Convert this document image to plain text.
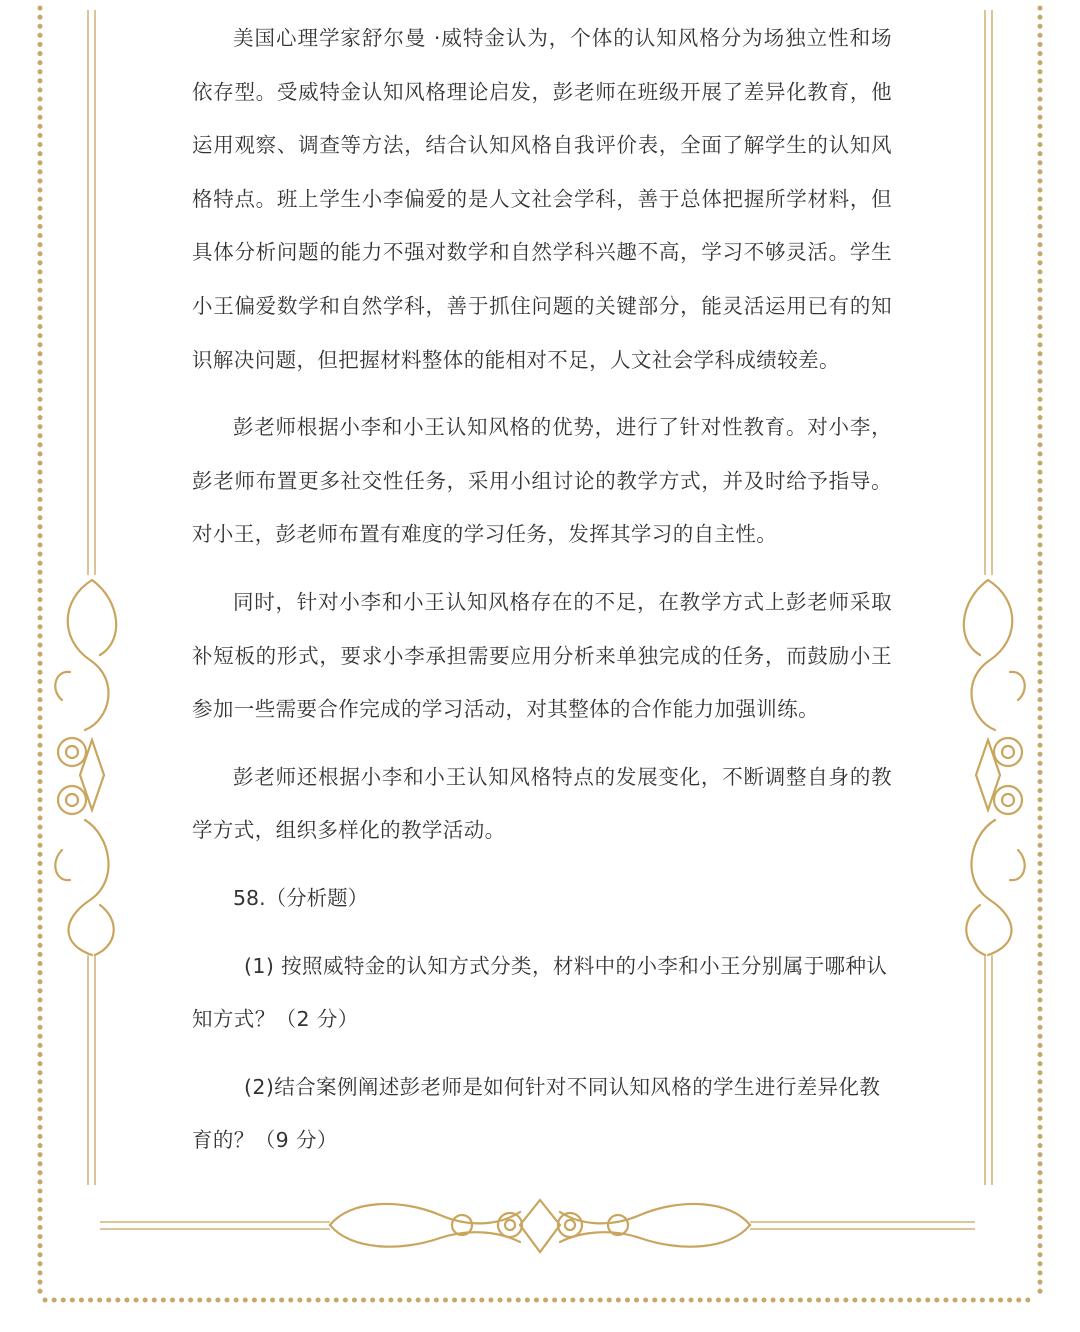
美国心理学家舒尔曼 ·威特金认为，个体的认知风格分为场独立性和场依存型。受威特金认知风格理论启发，彭老师在班级开展了差异化教育，他运用观察、调查等方法，结合认知风格自我评价表，全面了解学生的认知风格特点。班上学生小李偏爱的是人文社会学科，善于总体把握所学材料，但具体分析问题的能力不强对数学和自然学科兴趣不高，学习不够灵活。学生小王偏爱数学和自然学科，善于抓住问题的关键部分，能灵活运用已有的知识解决问题，但把握材料整体的能相对不足，人文社会学科成绩较差。

彭老师根据小李和小王认知风格的优势，进行了针对性教育。对小李，彭老师布置更多社交性任务，采用小组讨论的教学方式，并及时给予指导。对小王，彭老师布置有难度的学习任务，发挥其学习的自主性。

同时，针对小李和小王认知风格存在的不足，在教学方式上彭老师采取补短板的形式，要求小李承担需要应用分析来单独完成的任务，而鼓励小王参加一些需要合作完成的学习活动，对其整体的合作能力加强训练。

彭老师还根据小李和小王认知风格特点的发展变化，不断调整自身的教学方式，组织多样化的教学活动。

58.（分析题）

(1) 按照威特金的认知方式分类，材料中的小李和小王分别属于哪种认知方式？（2 分）

(2)结合案例阐述彭老师是如何针对不同认知风格的学生进行差异化教育的？（9 分）
